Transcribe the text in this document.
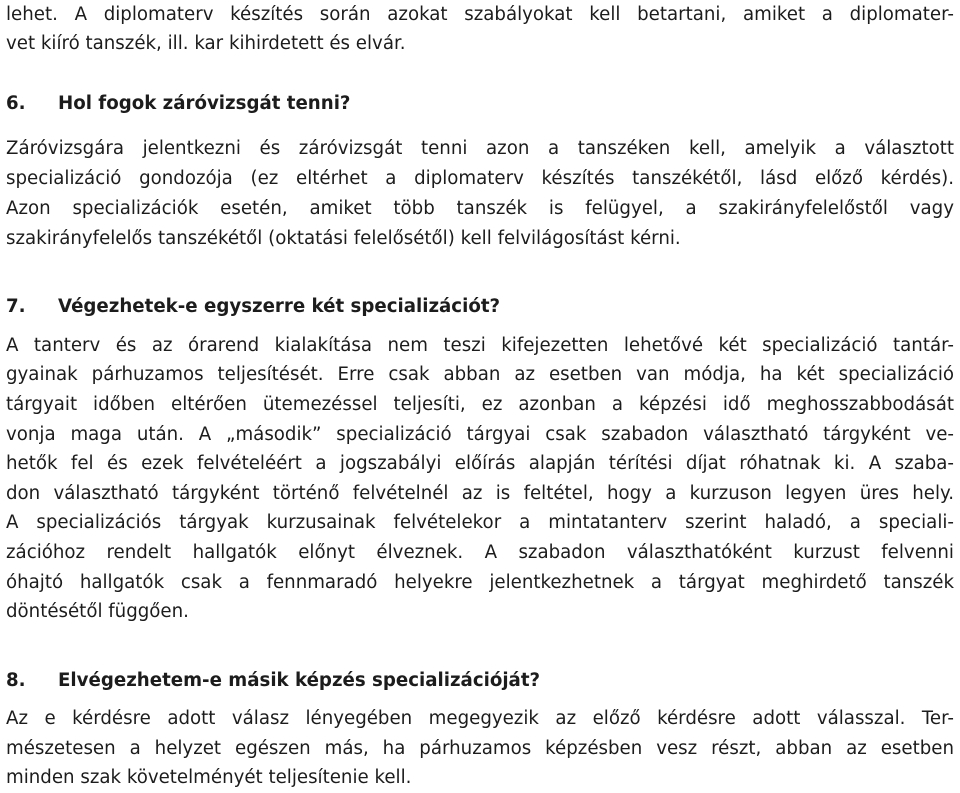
lehet. A diplomaterv készítés során azokat szabályokat kell betartani, amiket a diplomater-
vet kiíró tanszék, ill. kar kihirdetett és elvár.
6. Hol fogok záróvizsgát tenni?
Záróvizsgára jelentkezni és záróvizsgát tenni azon a tanszéken kell, amelyik a választott
specializáció gondozója (ez eltérhet a diplomaterv készítés tanszékétől, lásd előző kérdés).
Azon specializációk esetén, amiket több tanszék is felügyel, a szakirányfelelőstől vagy
szakirányfelelős tanszékétől (oktatási felelősétől) kell felvilágosítást kérni.
7. Végezhetek-e egyszerre két specializációt?
A tanterv és az órarend kialakítása nem teszi kifejezetten lehetővé két specializáció tantár-
gyainak párhuzamos teljesítését. Erre csak abban az esetben van módja, ha két specializáció
tárgyait időben eltérően ütemezéssel teljesíti, ez azonban a képzési idő meghosszabbodását
vonja maga után. A „második” specializáció tárgyai csak szabadon választható tárgyként ve-
hetők fel és ezek felvételéért a jogszabályi előírás alapján térítési díjat róhatnak ki. A szaba-
don választható tárgyként történő felvételnél az is feltétel, hogy a kurzuson legyen üres hely.
A specializációs tárgyak kurzusainak felvételekor a mintatanterv szerint haladó, a speciali-
zációhoz rendelt hallgatók előnyt élveznek. A szabadon választhatóként kurzust felvenni
óhajtó hallgatók csak a fennmaradó helyekre jelentkezhetnek a tárgyat meghirdető tanszék
döntésétől függően.
8. Elvégezhetem-e másik képzés specializációját?
Az e kérdésre adott válasz lényegében megegyezik az előző kérdésre adott válasszal. Ter-
mészetesen a helyzet egészen más, ha párhuzamos képzésben vesz részt, abban az esetben
minden szak követelményét teljesítenie kell.
